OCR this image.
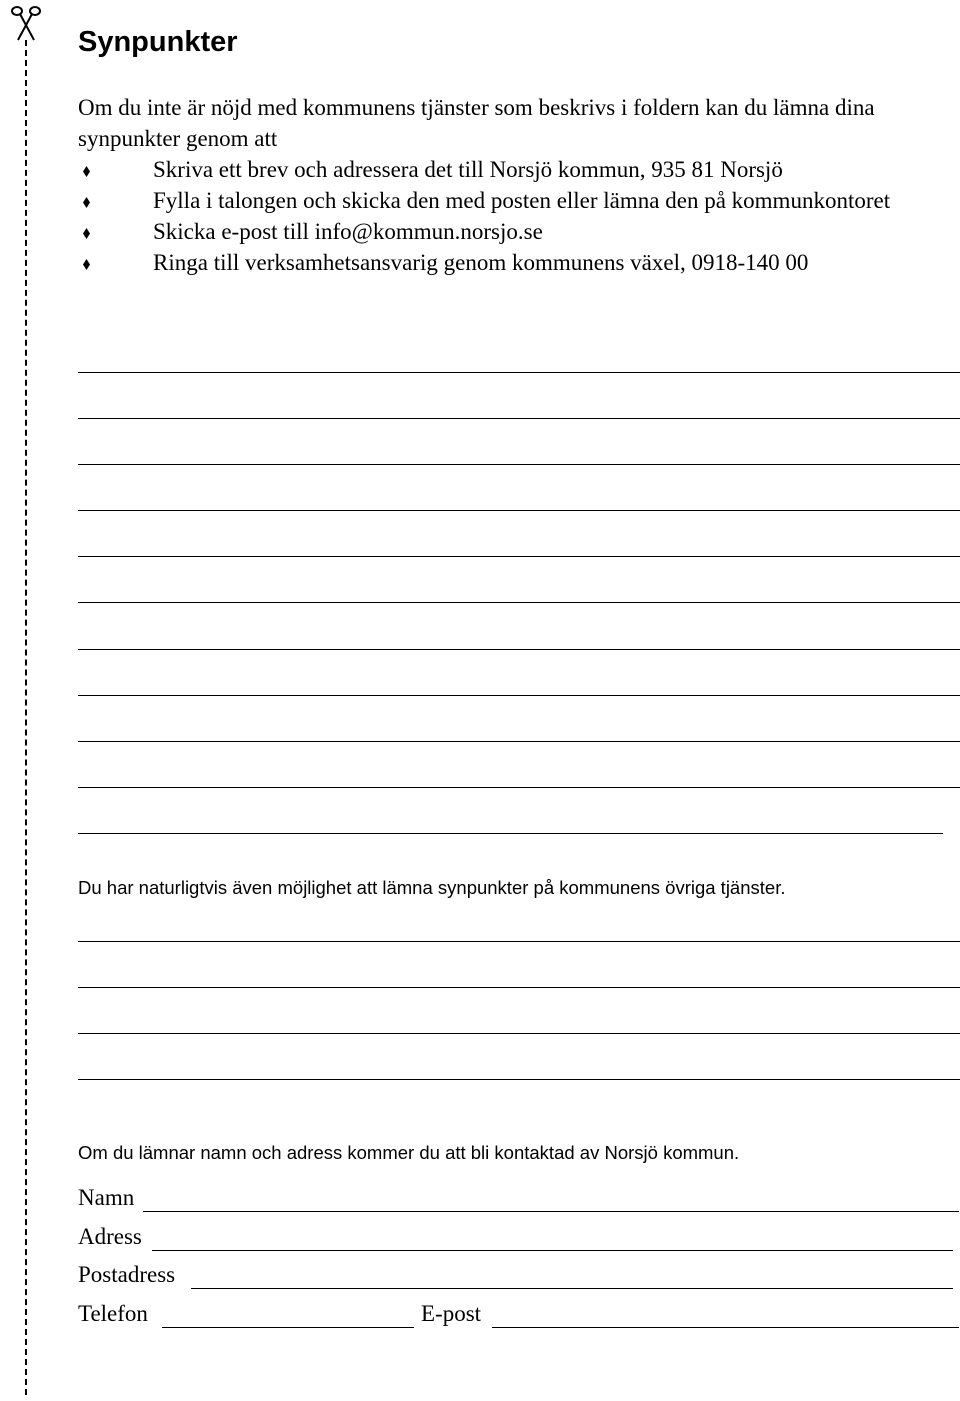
Synpunkter

Om du inte är nöjd med kommunens tjänster som beskrivs i foldern kan du lämna dina synpunkter genom att

Skriva ett brev och adressera det till Norsjö kommun, 935 81 Norsjö
Fylla i talongen och skicka den med posten eller lämna den på kommunkontoret
Skicka e-post till info@kommun.norsjo.se
Ringa till verksamhetsansvarig genom kommunens växel, 0918-140 00

Du har naturligtvis även möjlighet att lämna synpunkter på kommunens övriga tjänster.

Om du lämnar namn och adress kommer du att bli kontaktad av Norsjö kommun.

Namn
Adress
Postadress
Telefon	E-post
